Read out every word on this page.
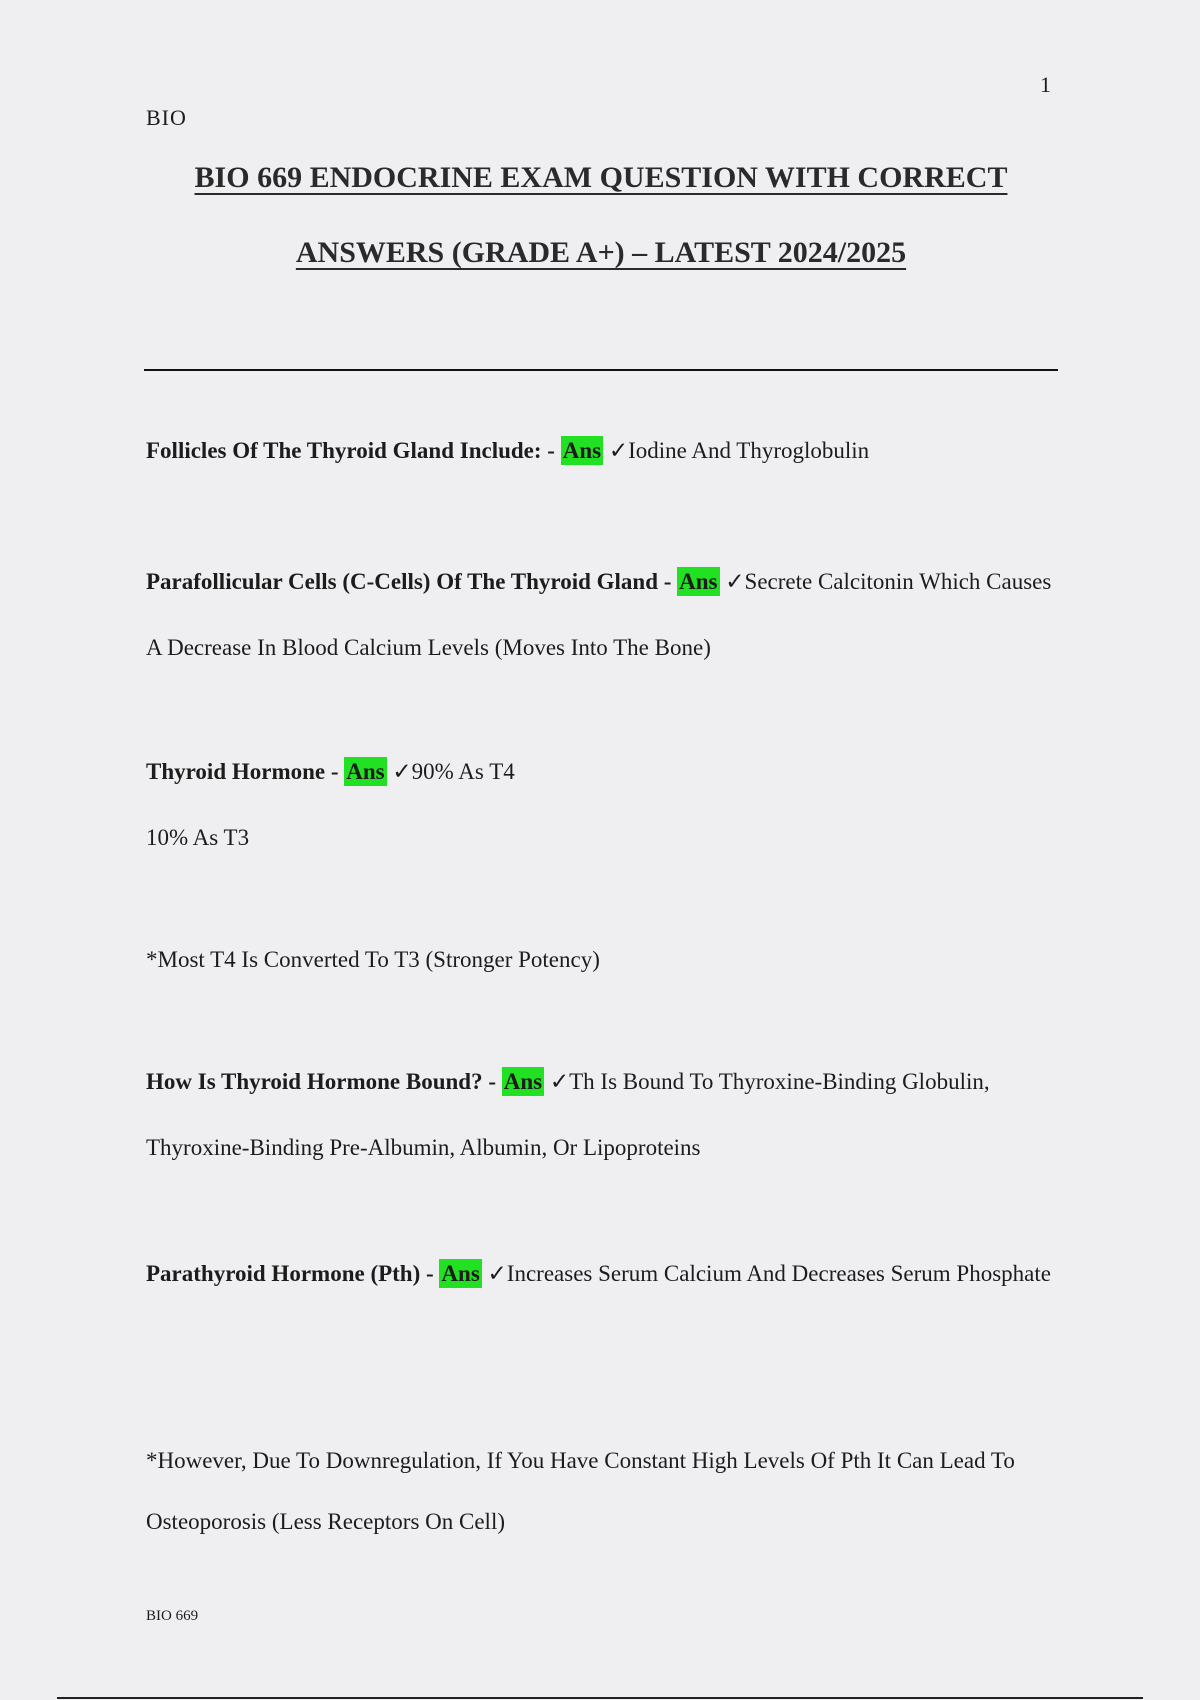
1
BIO
BIO 669 ENDOCRINE EXAM QUESTION WITH CORRECT ANSWERS (GRADE A+) – LATEST 2024/2025
Follicles Of The Thyroid Gland Include: - Ans ✓Iodine And Thyroglobulin
Parafollicular Cells (C-Cells) Of The Thyroid Gland - Ans ✓Secrete Calcitonin Which Causes A Decrease In Blood Calcium Levels (Moves Into The Bone)
Thyroid Hormone - Ans ✓90% As T4
10% As T3
*Most T4 Is Converted To T3 (Stronger Potency)
How Is Thyroid Hormone Bound? - Ans ✓Th Is Bound To Thyroxine-Binding Globulin, Thyroxine-Binding Pre-Albumin, Albumin, Or Lipoproteins
Parathyroid Hormone (Pth) - Ans ✓Increases Serum Calcium And Decreases Serum Phosphate
*However, Due To Downregulation, If You Have Constant High Levels Of Pth It Can Lead To Osteoporosis (Less Receptors On Cell)
BIO 669
